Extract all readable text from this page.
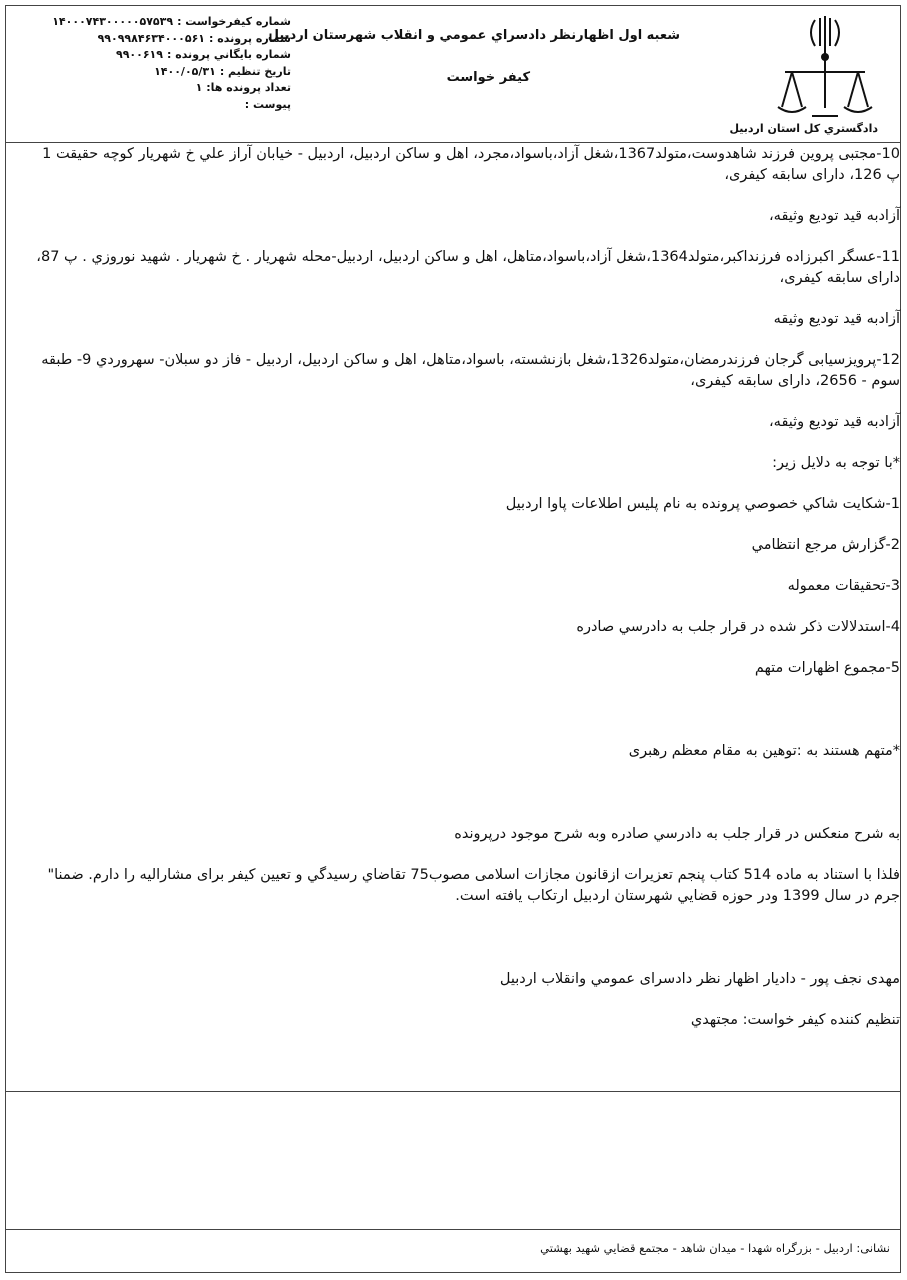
دادگستري کل استان اردبيل
شعبه اول اظهارنظر دادسراي عمومي و انقلاب شهرستان اردبيل
کيفر خواست
شماره کيفرخواست :۱۴۰۰۰۷۴۳۰۰۰۰۰۵۷۵۳۹
شماره پرونده :۹۹۰۹۹۸۴۶۳۴۰۰۰۵۶۱
شماره بايگاني پرونده :۹۹۰۰۶۱۹
تاريخ تنظيم :۱۴۰۰/۰۵/۳۱
تعداد پرونده ها:۱
پيوست :

10-مجتبی پروین فرزند شاهدوست،متولد1367،شغل آزاد،باسواد،مجرد، اهل و ساکن اردبیل، اردبیل - خیابان آراز علي خ شهریار کوچه حقیقت 1 پ 126، دارای سابقه کیفری،

آزادبه قید تودیع وثیقه،

11-عسگر اکبرزاده فرزنداکبر،متولد1364،شغل آزاد،باسواد،متاهل، اهل و ساکن اردبیل، اردبیل-محله شهریار . خ شهریار . شهید نوروزي . پ 87، دارای سابقه کیفری،

آزادبه قید تودیع وثیقه

12-پرویزسیابی گرجان فرزندرمضان،متولد1326،شغل بازنشسته، باسواد،متاهل، اهل و ساکن اردبیل، اردبیل - فاز دو سبلان- سهروردي 9- طبقه سوم - 2656، دارای سابقه کیفری،

آزادبه قید تودیع وثیقه،

*با توجه به دلایل زیر:

1-شکایت شاکي خصوصي پرونده به نام پلیس اطلاعات پاوا اردبیل

2-گزارش مرجع انتظامي

3-تحقیقات معموله

4-استدلالات ذکر شده در قرار جلب به دادرسي صادره

5-مجموع اظهارات متهم

*متهم هستند به :توهین به مقام معظم رهبری

به شرح منعکس در قرار جلب به دادرسي صادره وبه شرح موجود درپرونده

فلذا با استناد به ماده 514 کتاب پنجم تعزیرات ازقانون مجازات اسلامی مصوب75 تقاضاي رسیدگي و تعیین کیفر برای مشارالیه را دارم. ضمنا" جرم در سال 1399 ودر حوزه قضایي شهرستان اردبیل ارتکاب یافته است.

مهدی نجف پور - دادیار اظهار نظر دادسرای عمومي وانقلاب اردبیل

تنظیم کننده کیفر خواست: مجتهدي

نشانی: اردبیل - بزرگراه شهدا - میدان شاهد - مجتمع قضايي شهید بهشتي
